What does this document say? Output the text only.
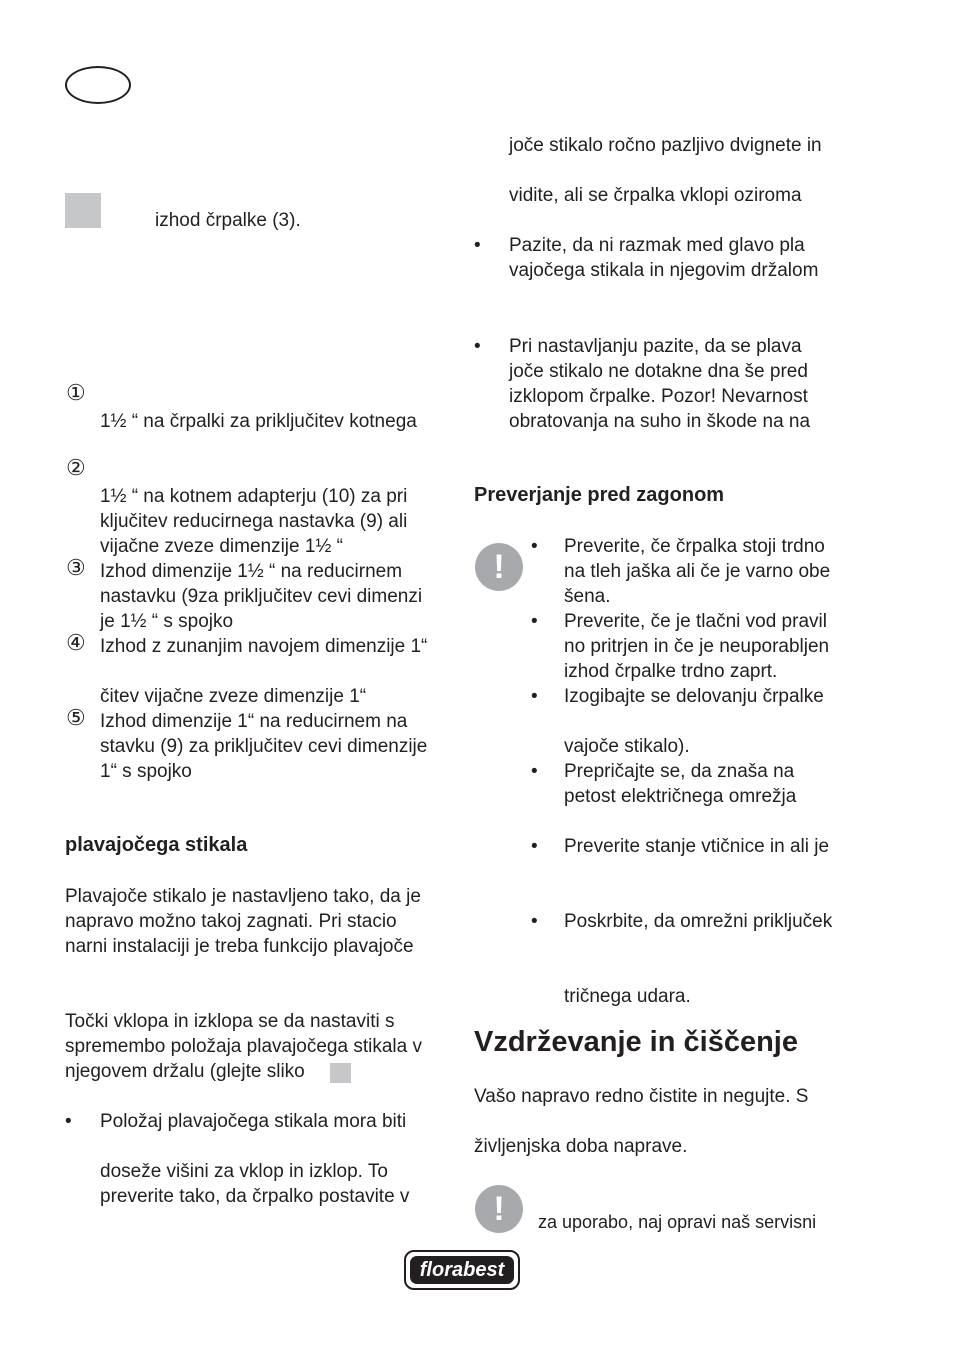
izhod črpalke (3).
①
1½ “ na črpalki za priključitev kotnega
②
1½ “ na kotnem adapterju (10) za pri
ključitev reducirnega nastavka (9) ali
vijačne zveze dimenzije 1½ “
③ Izhod dimenzije 1½ “ na reducirnem
nastavku (9za priključitev cevi dimenzi
je 1½ “ s spojko
④ Izhod z zunanjim navojem dimenzije 1“
čitev vijačne zveze dimenzije 1“
⑤ Izhod dimenzije 1“ na reducirnem na
stavku (9) za priključitev cevi dimenzije
1“ s spojko
plavajočega stikala
Plavajoče stikalo je nastavljeno tako, da je
napravo možno takoj zagnati. Pri stacio
narni instalaciji je treba funkcijo plavajoče
Točki vklopa in izklopa se da nastaviti s
spremembo položaja plavajočega stikala v
njegovem držalu (glejte sliko
• Položaj plavajočega stikala mora biti
doseže višini za vklop in izklop. To
preverite tako, da črpalko postavite v
joče stikalo ročno pazljivo dvignete in
vidite, ali se črpalka vklopi oziroma
• Pazite, da ni razmak med glavo pla
vajočega stikala in njegovim držalom
• Pri nastavljanju pazite, da se plava
joče stikalo ne dotakne dna še pred
izklopom črpalke. Pozor! Nevarnost
obratovanja na suho in škode na na
Preverjanje pred zagonom
!
• Preverite, če črpalka stoji trdno
na tleh jaška ali če je varno obe
šena.
• Preverite, če je tlačni vod pravil
no pritrjen in če je neuporabljen
izhod črpalke trdno zaprt.
• Izogibajte se delovanju črpalke
vajoče stikalo).
• Prepričajte se, da znaša na
petost električnega omrežja
• Preverite stanje vtičnice in ali je
• Poskrbite, da omrežni priključek
tričnega udara.
Vzdrževanje in čiščenje
Vašo napravo redno čistite in negujte. S
življenjska doba naprave.
!	za uporabo, naj opravi naš servisni
florabest
